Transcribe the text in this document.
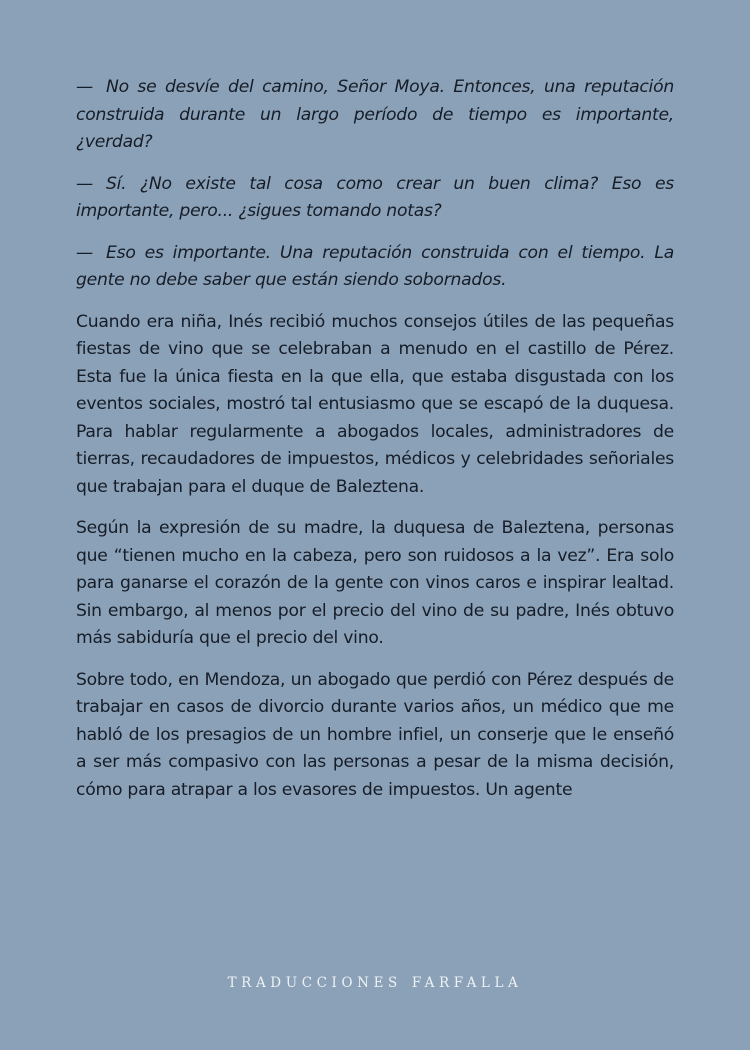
— No se desvíe del camino, Señor Moya. Entonces, una reputación construida durante un largo período de tiempo es importante, ¿verdad?

— Sí. ¿No existe tal cosa como crear un buen clima? Eso es importante, pero... ¿sigues tomando notas?

— Eso es importante. Una reputación construida con el tiempo. La gente no debe saber que están siendo sobornados.

Cuando era niña, Inés recibió muchos consejos útiles de las pequeñas fiestas de vino que se celebraban a menudo en el castillo de Pérez. Esta fue la única fiesta en la que ella, que estaba disgustada con los eventos sociales, mostró tal entusiasmo que se escapó de la duquesa. Para hablar regularmente a abogados locales, administradores de tierras, recaudadores de impuestos, médicos y celebridades señoriales que trabajan para el duque de Baleztena.

Según la expresión de su madre, la duquesa de Baleztena, personas que “tienen mucho en la cabeza, pero son ruidosos a la vez”. Era solo para ganarse el corazón de la gente con vinos caros e inspirar lealtad. Sin embargo, al menos por el precio del vino de su padre, Inés obtuvo más sabiduría que el precio del vino.

Sobre todo, en Mendoza, un abogado que perdió con Pérez después de trabajar en casos de divorcio durante varios años, un médico que me habló de los presagios de un hombre infiel, un conserje que le enseñó a ser más compasivo con las personas a pesar de la misma decisión, cómo para atrapar a los evasores de impuestos. Un agente

TRADUCCIONES FARFALLA
